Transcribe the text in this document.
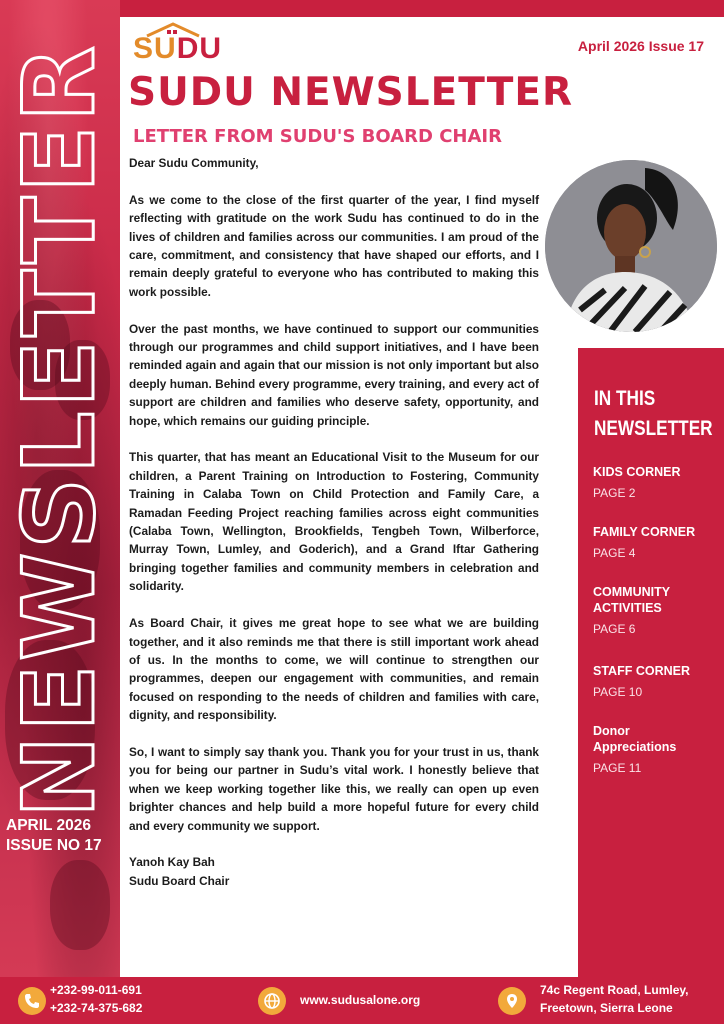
NEWSLETTER
APRIL 2026
ISSUE NO 17
SUDU	April 2026 Issue 17
SUDU NEWSLETTER
LETTER FROM SUDU'S BOARD CHAIR

Dear Sudu Community,

As we come to the close of the first quarter of the year, I find myself reflecting with gratitude on the work Sudu has continued to do in the lives of children and families across our communities. I am proud of the care, commitment, and consistency that have shaped our efforts, and I remain deeply grateful to everyone who has contributed to making this work possible.

Over the past months, we have continued to support our communities through our programmes and child support initiatives, and I have been reminded again and again that our mission is not only important but also deeply human. Behind every programme, every training, and every act of support are children and families who deserve safety, opportunity, and hope, which remains our guiding principle.

This quarter, that has meant an Educational Visit to the Museum for our children, a Parent Training on Introduction to Fostering, Community Training in Calaba Town on Child Protection and Family Care, a Ramadan Feeding Project reaching families across eight communities (Calaba Town, Wellington, Brookfields, Tengbeh Town, Wilberforce, Murray Town, Lumley, and Goderich), and a Grand Iftar Gathering bringing together families and community members in celebration and solidarity.

As Board Chair, it gives me great hope to see what we are building together, and it also reminds me that there is still important work ahead of us. In the months to come, we will continue to strengthen our programmes, deepen our engagement with communities, and remain focused on responding to the needs of children and families with care, dignity, and responsibility.

So, I want to simply say thank you. Thank you for your trust in us, thank you for being our partner in Sudu’s vital work. I honestly believe that when we keep working together like this, we really can open up even brighter chances and help build a more hopeful future for every child and every community we support.

Yanoh Kay Bah

Sudu Board Chair

IN THIS
NEWSLETTER
KIDS CORNER
PAGE 2
FAMILY CORNER
PAGE 4
COMMUNITY ACTIVITIES
PAGE 6
STAFF CORNER
PAGE 10
Donor Appreciations
PAGE 11
+232-99-011-691
+232-74-375-682
www.sudusalone.org
74c Regent Road, Lumley,
Freetown, Sierra Leone
